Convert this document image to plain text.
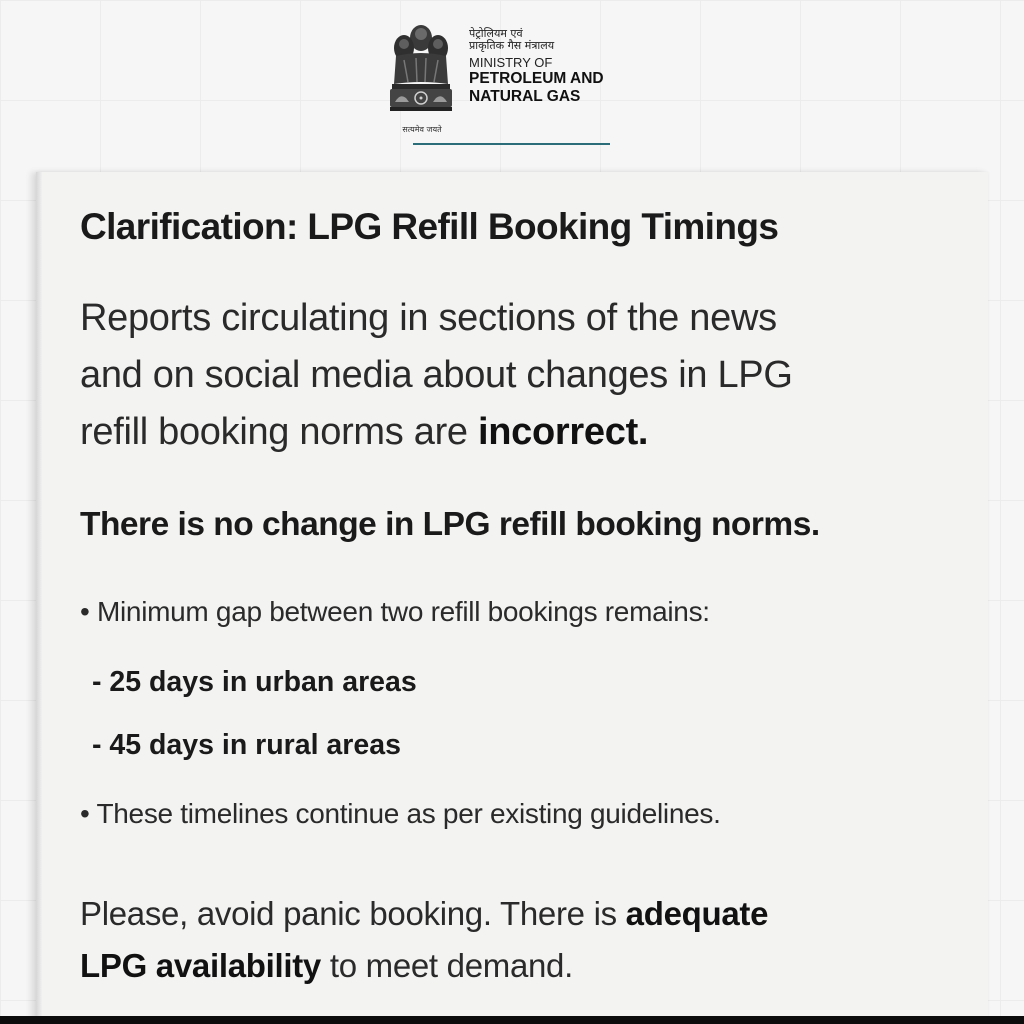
सत्यमेव जयते
पेट्रोलियम एवं
प्राकृतिक गैस मंत्रालय
MINISTRY OF
PETROLEUM AND
NATURAL GAS
Clarification: LPG Refill Booking Timings
Reports circulating in sections of the news
and on social media about changes in LPG
refill booking norms are incorrect.
There is no change in LPG refill booking norms.
• Minimum gap between two refill bookings remains:
- 25 days in urban areas
- 45 days in rural areas
• These timelines continue as per existing guidelines.
Please, avoid panic booking. There is adequate
LPG availability to meet demand.
